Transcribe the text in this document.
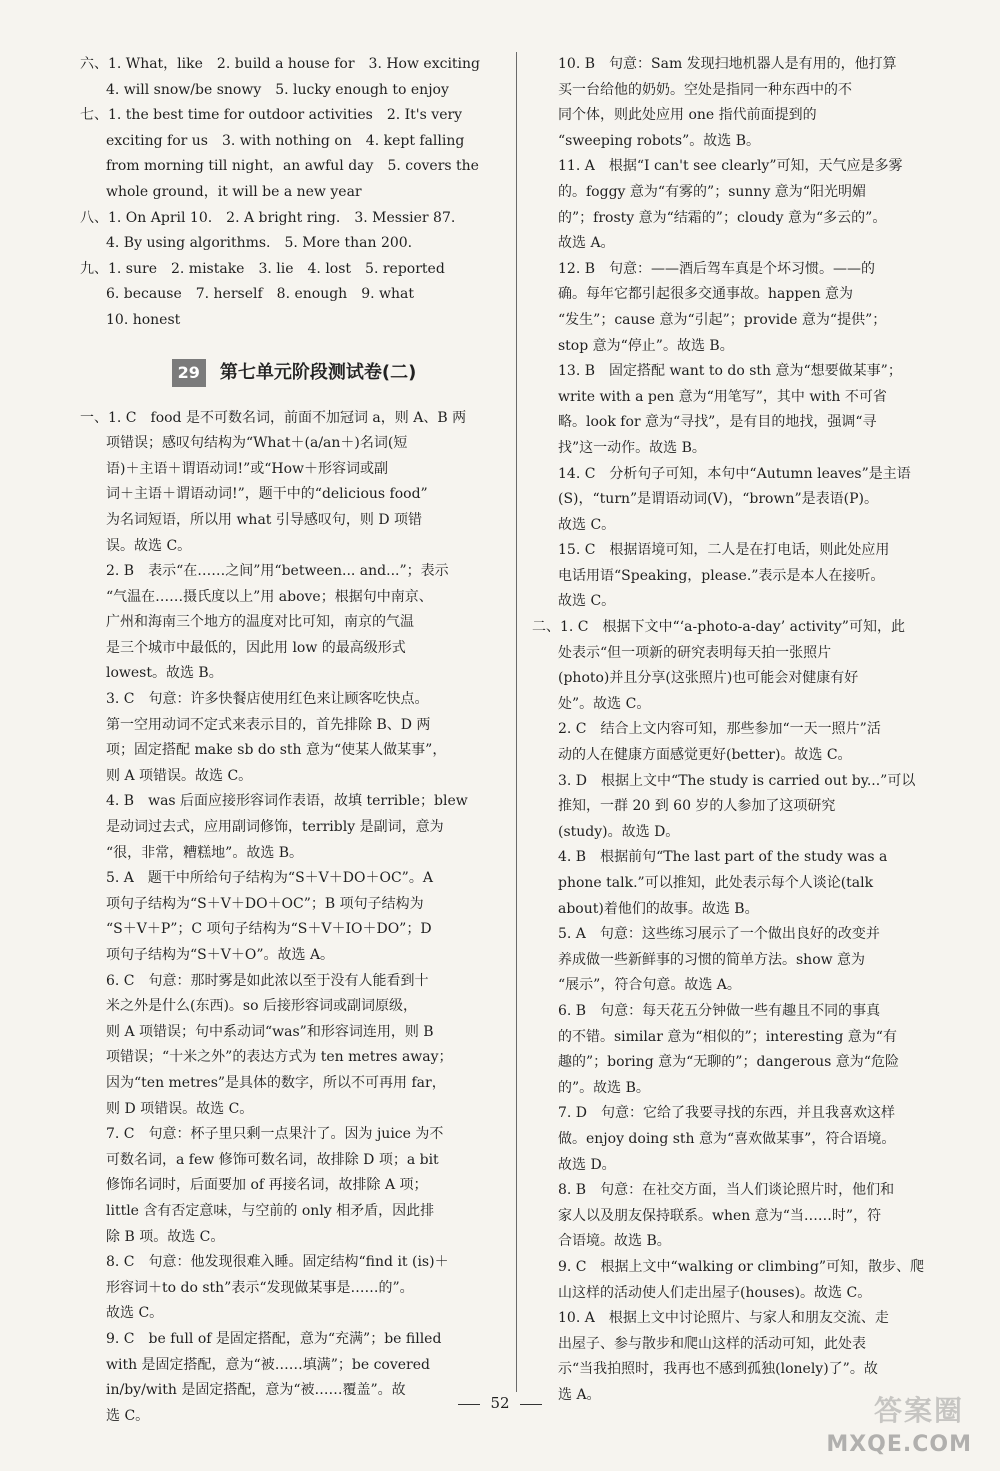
六、1. What，like　2. build a house for　3. How exciting
4. will snow/be snowy　5. lucky enough to enjoy
七、1. the best time for outdoor activities　2. It's very
exciting for us　3. with nothing on　4. kept falling
from morning till night，an awful day　5. covers the
whole ground，it will be a new year
八、1. On April 10.　2. A bright ring.　3. Messier 87.
4. By using algorithms.　5. More than 200.
九、1. sure　2. mistake　3. lie　4. lost　5. reported
6. because　7. herself　8. enough　9. what
10. honest
29	第七单元阶段测试卷(二)
一、1. C　food 是不可数名词，前面不加冠词 a，则 A、B 两
项错误；感叹句结构为“What＋(a/an＋)名词(短
语)＋主语＋谓语动词!”或“How＋形容词或副
词＋主语＋谓语动词!”，题干中的“delicious food”
为名词短语，所以用 what 引导感叹句，则 D 项错
误。故选 C。
2. B　表示“在……之间”用“between... and...”；表示
“气温在……摄氏度以上”用 above；根据句中南京、
广州和海南三个地方的温度对比可知，南京的气温
是三个城市中最低的，因此用 low 的最高级形式
lowest。故选 B。
3. C　句意：许多快餐店使用红色来让顾客吃快点。
第一空用动词不定式来表示目的，首先排除 B、D 两
项；固定搭配 make sb do sth 意为“使某人做某事”，
则 A 项错误。故选 C。
4. B　was 后面应接形容词作表语，故填 terrible；blew
是动词过去式，应用副词修饰，terribly 是副词，意为
“很，非常，糟糕地”。故选 B。
5. A　题干中所给句子结构为“S＋V＋DO＋OC”。A
项句子结构为“S＋V＋DO＋OC”；B 项句子结构为
“S＋V＋P”；C 项句子结构为“S＋V＋IO＋DO”；D
项句子结构为“S＋V＋O”。故选 A。
6. C　句意：那时雾是如此浓以至于没有人能看到十
米之外是什么(东西)。so 后接形容词或副词原级，
则 A 项错误；句中系动词“was”和形容词连用，则 B
项错误；“十米之外”的表达方式为 ten metres away；
因为“ten metres”是具体的数字，所以不可再用 far，
则 D 项错误。故选 C。
7. C　句意：杯子里只剩一点果汁了。因为 juice 为不
可数名词，a few 修饰可数名词，故排除 D 项；a bit
修饰名词时，后面要加 of 再接名词，故排除 A 项；
little 含有否定意味，与空前的 only 相矛盾，因此排
除 B 项。故选 C。
8. C　句意：他发现很难入睡。固定结构“find it (is)＋
形容词＋to do sth”表示“发现做某事是……的”。
故选 C。
9. C　be full of 是固定搭配，意为“充满”；be filled
with 是固定搭配，意为“被……填满”；be covered
in/by/with 是固定搭配，意为“被……覆盖”。故
选 C。
10. B　句意：Sam 发现扫地机器人是有用的，他打算
买一台给他的奶奶。空处是指同一种东西中的不
同个体，则此处应用 one 指代前面提到的
“sweeping robots”。故选 B。
11. A　根据“I can't see clearly”可知，天气应是多雾
的。foggy 意为“有雾的”；sunny 意为“阳光明媚
的”；frosty 意为“结霜的”；cloudy 意为“多云的”。
故选 A。
12. B　句意：——酒后驾车真是个坏习惯。——的
确。每年它都引起很多交通事故。happen 意为
“发生”；cause 意为“引起”；provide 意为“提供”；
stop 意为“停止”。故选 B。
13. B　固定搭配 want to do sth 意为“想要做某事”；
write with a pen 意为“用笔写”，其中 with 不可省
略。look for 意为“寻找”，是有目的地找，强调“寻
找”这一动作。故选 B。
14. C　分析句子可知，本句中“Autumn leaves”是主语
(S)，“turn”是谓语动词(V)，“brown”是表语(P)。
故选 C。
15. C　根据语境可知，二人是在打电话，则此处应用
电话用语“Speaking，please.”表示是本人在接听。
故选 C。
二、1. C　根据下文中“‘a-photo-a-day’ activity”可知，此
处表示“但一项新的研究表明每天拍一张照片
(photo)并且分享(这张照片)也可能会对健康有好
处”。故选 C。
2. C　结合上文内容可知，那些参加“一天一照片”活
动的人在健康方面感觉更好(better)。故选 C。
3. D　根据上文中“The study is carried out by...”可以
推知，一群 20 到 60 岁的人参加了这项研究
(study)。故选 D。
4. B　根据前句“The last part of the study was a
phone talk.”可以推知，此处表示每个人谈论(talk
about)着他们的故事。故选 B。
5. A　句意：这些练习展示了一个做出良好的改变并
养成做一些新鲜事的习惯的简单方法。show 意为
“展示”，符合句意。故选 A。
6. B　句意：每天花五分钟做一些有趣且不同的事真
的不错。similar 意为“相似的”；interesting 意为“有
趣的”；boring 意为“无聊的”；dangerous 意为“危险
的”。故选 B。
7. D　句意：它给了我要寻找的东西，并且我喜欢这样
做。enjoy doing sth 意为“喜欢做某事”，符合语境。
故选 D。
8. B　句意：在社交方面，当人们谈论照片时，他们和
家人以及朋友保持联系。when 意为“当……时”，符
合语境。故选 B。
9. C　根据上文中“walking or climbing”可知，散步、爬
山这样的活动使人们走出屋子(houses)。故选 C。
10. A　根据上文中讨论照片、与家人和朋友交流、走
出屋子、参与散步和爬山这样的活动可知，此处表
示“当我拍照时，我再也不感到孤独(lonely)了”。故
选 A。
52	答案圈
MXQE.COM
